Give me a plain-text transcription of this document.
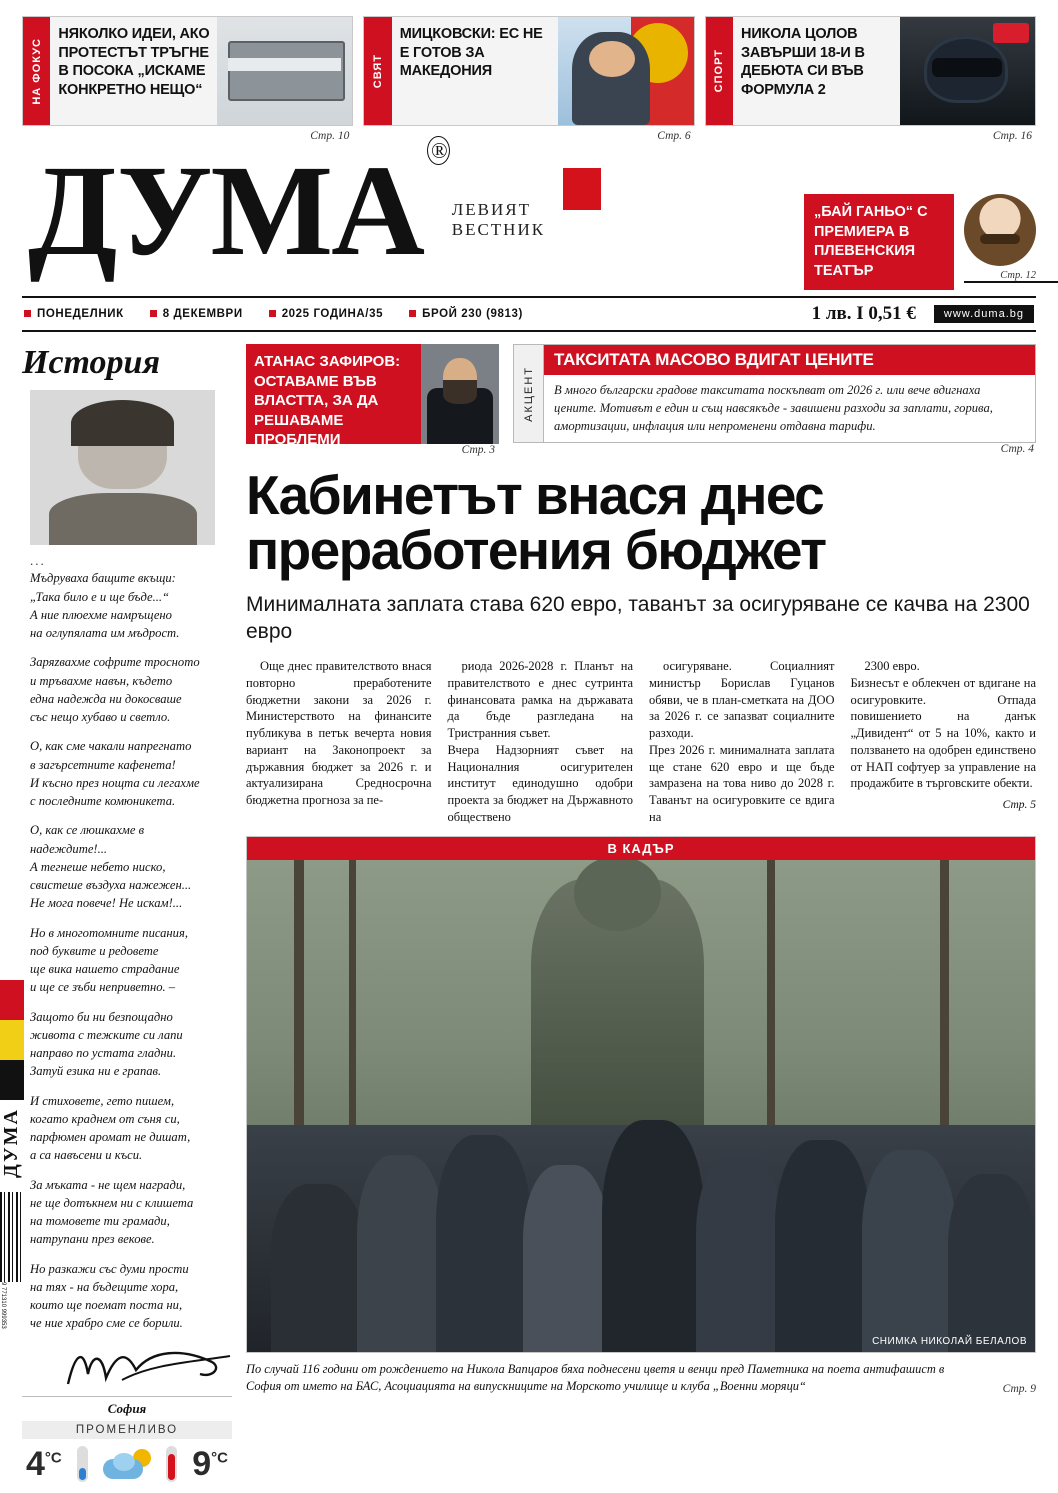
НА ФОКУС
НЯКОЛКО ИДЕИ, АКО ПРОТЕСТЪТ ТРЪГНЕ В ПОСОКА „ИСКАМЕ КОНКРЕТНО НЕЩО“
СВЯТ
МИЦКОВСКИ: ЕС НЕ Е ГОТОВ ЗА МАКЕДОНИЯ	СПОРТ
НИКОЛА ЦОЛОВ ЗАВЪРШИ 18-И В ДЕБЮТА СИ ВЪВ ФОРМУЛА 2
Стр. 10	Стр. 6	Стр. 16
ДУМА ®
ЛЕВИЯТ
ВЕСТНИК
„БАЙ ГАНЬО“ С ПРЕМИЕРА В ПЛЕВЕНСКИЯ ТЕАТЪР	Стр. 12
ПОНЕДЕЛНИК	8 ДЕКЕМВРИ	2025 ГОДИНА/35	БРОЙ 230 (9813)	1 лв. I 0,51 €	www.duma.bg
История
...

Мъдруваха бащите вкъщи:
„Така било е и ще бъде...“
А ние плюехме намръщено
на оглупялата им мъдрост.

Заряzвахме софрите тросното
и тръвахме навън, където
една надежда ни докосваше
със нещо хубаво и светло.

О, как сме чакали напрегнато
в загърсетните кафенета!
И късно през нощта си легахме
с последните комюникета.

О, как се люшкахме в надеждите!...
А тегнеше небето ниско,
свистеше въздуха нажежен...
Не мога повече! Не искам!...

Но в многотомните писания,
под буквите и редовете
ще вика нашето страдание
и ще се зъби неприветно. –

Защото би ни безпощадно
живота с тежките си лапи
направо по устата гладни.
Затуй езика ни е грапав.

И стиховете, гето пишем,
когато краднем от съня си,
парфюмен аромат не дишат,
а са навъсени и къси.

За мъката - не щем награди,
не ще дотъкнем ни с клишета
на томовете ти грамади,
натрупани през векове.

Но разкажи със думи прости
на тях - на бъдещите хора,
които ще поемат поста ни,
че ние храбро сме се борили.

София
ПРОМЕНЛИВО
$4^{^\circ C}$	$9^{^\circ C}$
АТАНАС ЗАФИРОВ: ОСТАВАМЕ ВЪВ ВЛАСТТА, ЗА ДА РЕШАВАМЕ ПРОБЛЕМИ
Стр. 3
АКЦЕНТ
ТАКСИТАТА МАСОВО ВДИГАТ ЦЕНИТЕ
В много български градове такситата поскъпват от 2026 г. или вече вдигнаха цените. Мотивът е един и същ навсякъде - завишени разходи за заплати, горива, амортизации, инфлация или непроменени отдавна тарифи.
Стр. 4
Кабинетът внася днес преработения бюджет
Минималната заплата става 620 евро, таванът за осигуряване се качва на 2300 евро

Още днес правителството внася повторно преработените бюджетни закони за 2026 г. Министерството на финансите публикува в петък вечерта новия вариант на Законопроект за държавния бюджет за 2026 г. и актуализирана Средносрочна бюджетна прогноза за пе-

риода 2026-2028 г. Планът на правителството е днес сутринта финансовата рамка на държавата да бъде разгледана на Тристранния съвет.
Вчера Надзорният съвет на Националния осигурителен институт единодушно одобри проекта за бюджет на Държавното обществено

осигуряване. Социалният министър Борислав Гуцанов обяви, че в план-сметката на ДОО за 2026 г. се запазват социалните разходи.
През 2026 г. минималната заплата ще стане 620 евро и ще бъде замразена на това ниво до 2028 г. Таванът на осигуровките се вдига на

2300 евро.
Бизнесът е облекчен от вдигане на осигуровките. Отпада повишението на данък „Дивидент“ от 5 на 10%, както и ползването на одобрен единствено от НАП софтуер за управление на продажбите в търговските обекти.

Стр. 5
В КАДЪР
СНИМКА НИКОЛАЙ БЕЛАЛОВ
По случай 116 години от рождението на Никола Вапцаров бяха поднесени цветя и венци пред Паметника на поета антифашист в София от името на БАС, Асоциацията на випускниците на Морското училище и клуба „Военни моряци“	Стр. 9
ДУМА
9 771310 999353
